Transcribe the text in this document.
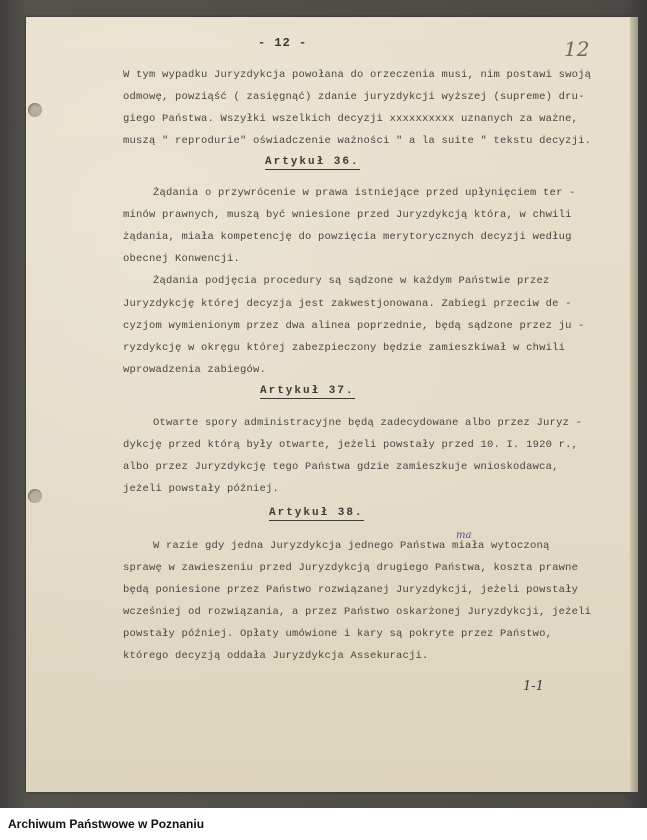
- 12 -	12
W tym wypadku Juryzdykcja powołana do orzeczenia musi, nim postawi swoją
odmowę, powziąść ( zasięgnąć) zdanie juryzdykcji wyższej (supreme) dru-
giego Państwa. Wszyłki wszelkich decyzji xxxxxxxxxx uznanych za ważne,
muszą " reprodurie" oświadczenie ważności " a la suite " tekstu decyzji.
Artykuł 36.
Żądania o przywrócenie w prawa istniejące przed upłynięciem ter -
minów prawnych, muszą być wniesione przed Juryzdykcją która, w chwili
żądania, miała kompetencję do powzięcia merytorycznych decyzji według
obecnej Konwencji.
Żądania podjęcia procedury są sądzone w każdym Państwie przez
Juryzdykcję której decyzja jest zakwestjonowana. Zabiegi przeciw de -
cyzjom wymienionym przez dwa alinea poprzednie, będą sądzone przez ju -
ryzdykcję w okręgu której zabezpieczony będzie zamieszkiwał w chwili
wprowadzenia zabiegów.
Artykuł 37.
Otwarte spory administracyjne będą zadecydowane albo przez Juryz -
dykcję przed którą były otwarte, jeżeli powstały przed 10. I. 1920 r.,
albo przez Juryzdykcję tego Państwa gdzie zamieszkuje wnioskodawca,
jeżeli powstały później.
Artykuł 38.
ma
W razie gdy jedna Juryzdykcja jednego Państwa miała wytoczoną
sprawę w zawieszeniu przed Juryzdykcją drugiego Państwa, koszta prawne
będą poniesione przez Państwo rozwiązanej Juryzdykcji, jeżeli powstały
wcześniej od rozwiązania, a przez Państwo oskarżonej Juryzdykcji, jeżeli
powstały później. Opłaty umówione i kary są pokryte przez Państwo,
którego decyzją oddała Juryzdykcja Assekuracji.
1-1
Archiwum Państwowe w Poznaniu
